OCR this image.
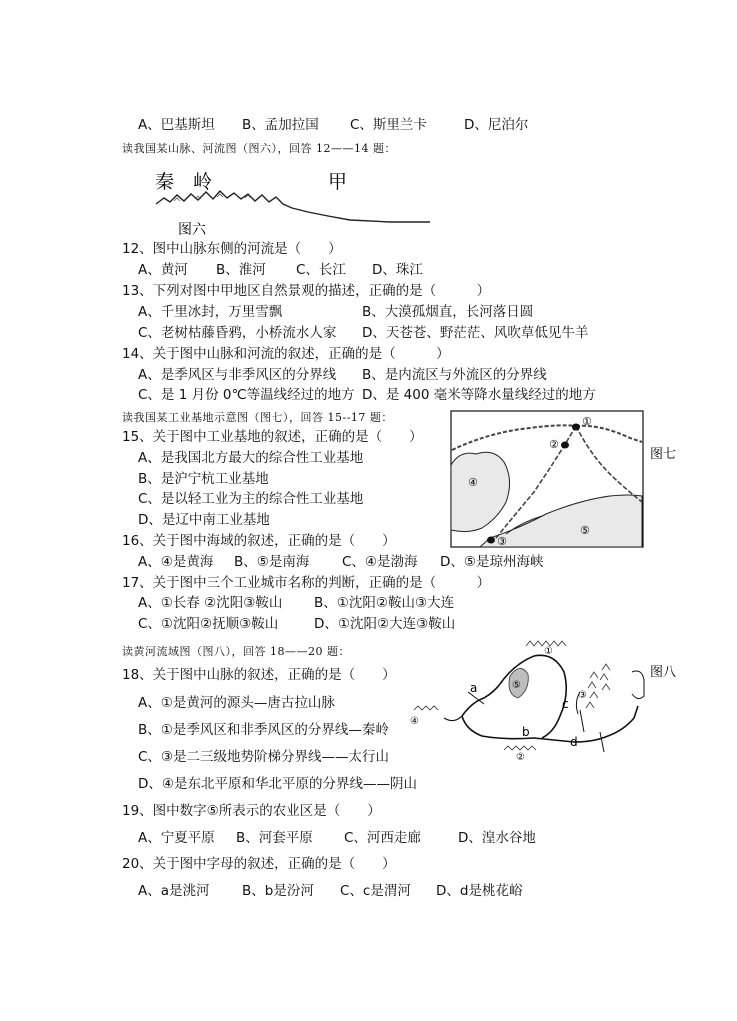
A、巴基斯坦 B、孟加拉国 C、斯里兰卡	D、尼泊尔
读我国某山脉、河流图（图六），回答 12——14 题：
秦　岭	甲
图六
12、图中山脉东侧的河流是（　　）
A、黄河 B、淮河 C、长江 D、珠江
13、下列对图中甲地区自然景观的描述，正确的是（　　　）
A、千里冰封，万里雪飘	B、大漠孤烟直，长河落日圆
C、老树枯藤昏鸦，小桥流水人家 D、天苍苍、野茫茫、风吹草低见牛羊
14、关于图中山脉和河流的叙述，正确的是（　　　）
A、是季风区与非季风区的分界线 B、是内流区与外流区的分界线
C、是 1 月份 0℃等温线经过的地方 D、是 400 毫米等降水量线经过的地方
读我国某工业基地示意图（图七），回答 15--17 题：	①
②
③
④
⑤
图七
15、关于图中工业基地的叙述，正确的是（　　）
A、是我国北方最大的综合性工业基地
B、是沪宁杭工业基地
C、是以轻工业为主的综合性工业基地
D、是辽中南工业基地
16、关于图中海域的叙述，正确的是（　　）
A、④是黄海 B、⑤是南海 C、④是渤海 D、⑤是琼州海峡
17、关于图中三个工业城市名称的判断，正确的是（　　　）
A、①长春 ②沈阳③鞍山 B、①沈阳②鞍山③大连
C、①沈阳②抚顺③鞍山	D、①沈阳②大连③鞍山
读黄河流域图（图八），回答 18——20 题：
a
b
c
d
①
②
③
④
⑤
图八
18、关于图中山脉的叙述，正确的是（　　）
A、①是黄河的源头—唐古拉山脉
B、①是季风区和非季风区的分界线—秦岭
C、③是二三级地势阶梯分界线——太行山
D、④是东北平原和华北平原的分界线——阴山
19、图中数字⑤所表示的农业区是（　　）
A、宁夏平原 B、河套平原 C、河西走廊	D、湟水谷地
20、关于图中字母的叙述，正确的是（　　）
A、a是洮河 B、b是汾河 C、c是渭河 D、d是桃花峪
